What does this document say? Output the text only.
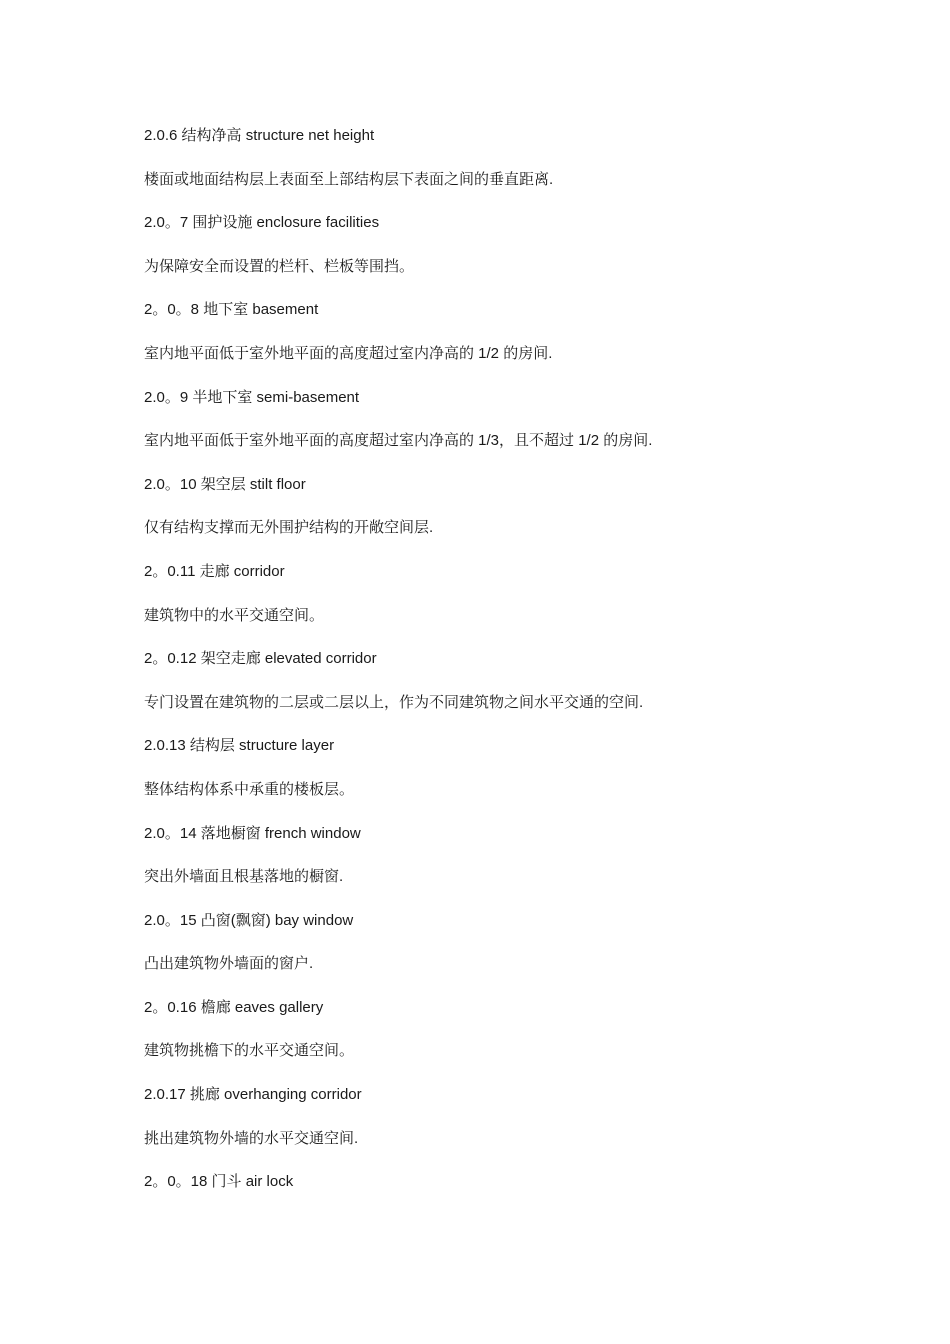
2.0.6 结构净高 structure net height
楼面或地面结构层上表面至上部结构层下表面之间的垂直距离.
2.0。7 围护设施 enclosure facilities
为保障安全而设置的栏杆、栏板等围挡。
2。0。8 地下室 basement
室内地平面低于室外地平面的高度超过室内净高的 1/2 的房间.
2.0。9 半地下室 semi-basement
室内地平面低于室外地平面的高度超过室内净高的 1/3，且不超过 1/2 的房间.
2.0。10 架空层 stilt floor
仅有结构支撑而无外围护结构的开敞空间层.
2。0.11 走廊 corridor
建筑物中的水平交通空间。
2。0.12 架空走廊 elevated corridor
专门设置在建筑物的二层或二层以上，作为不同建筑物之间水平交通的空间.
2.0.13 结构层 structure layer
整体结构体系中承重的楼板层。
2.0。14 落地橱窗 french window
突出外墙面且根基落地的橱窗.
2.0。15 凸窗(飘窗) bay window
凸出建筑物外墙面的窗户.
2。0.16 檐廊 eaves gallery
建筑物挑檐下的水平交通空间。
2.0.17 挑廊 overhanging corridor
挑出建筑物外墙的水平交通空间.
2。0。18 门斗 air lock
